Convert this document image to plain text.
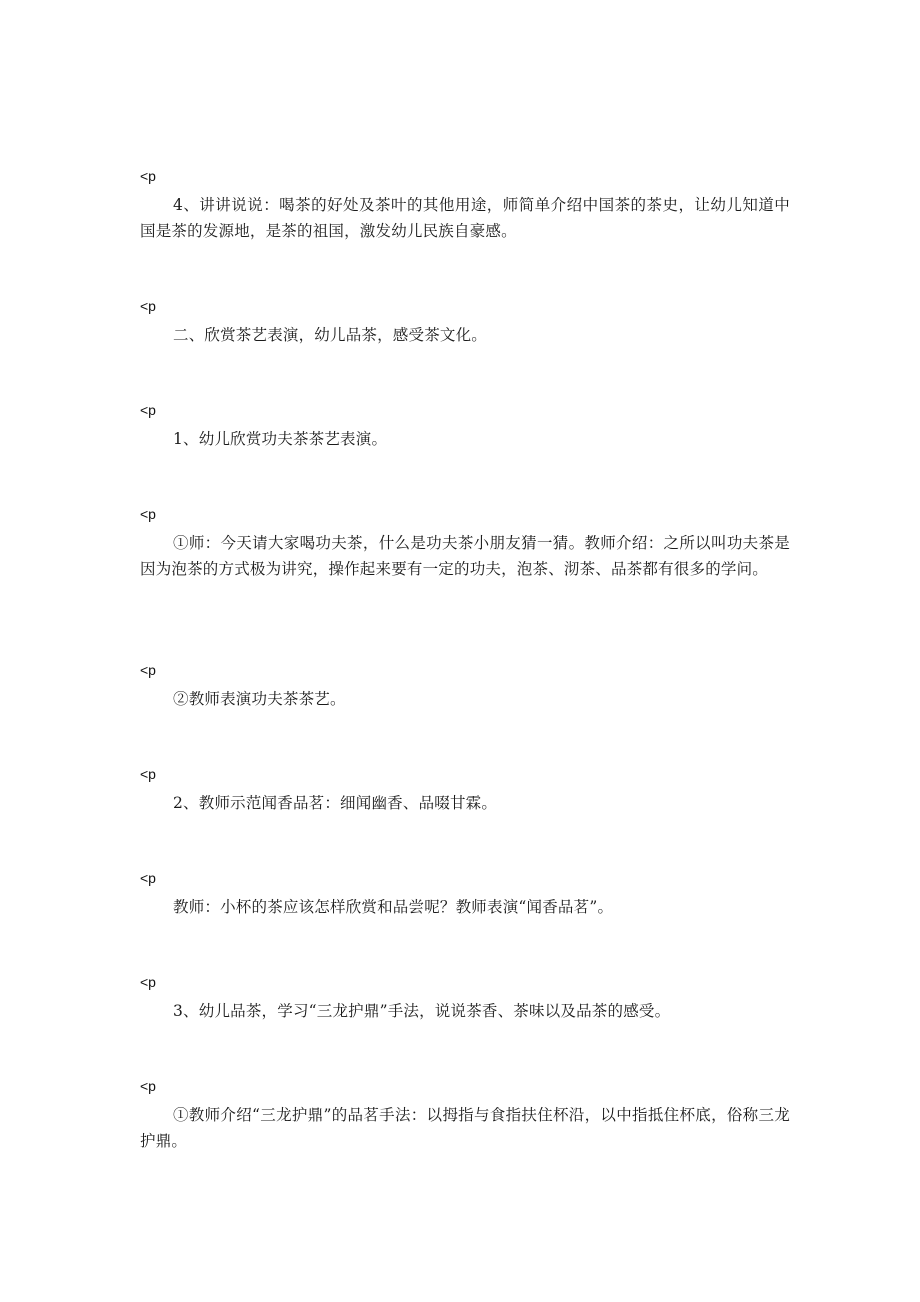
<p
4、讲讲说说：喝茶的好处及茶叶的其他用途，师简单介绍中国茶的茶史，让幼儿知道中国是茶的发源地，是茶的祖国，激发幼儿民族自豪感。
<p
二、欣赏茶艺表演，幼儿品茶，感受茶文化。
<p
1、幼儿欣赏功夫茶茶艺表演。
<p
①师：今天请大家喝功夫茶，什么是功夫茶小朋友猜一猜。教师介绍：之所以叫功夫茶是因为泡茶的方式极为讲究，操作起来要有一定的功夫，泡茶、沏茶、品茶都有很多的学问。
<p
②教师表演功夫茶茶艺。
<p
2、教师示范闻香品茗：细闻幽香、品啜甘霖。
<p
教师：小杯的茶应该怎样欣赏和品尝呢？教师表演“闻香品茗”。
<p
3、幼儿品茶，学习“三龙护鼎”手法，说说茶香、茶味以及品茶的感受。
<p
①教师介绍“三龙护鼎”的品茗手法：以拇指与食指扶住杯沿，以中指抵住杯底，俗称三龙护鼎。
